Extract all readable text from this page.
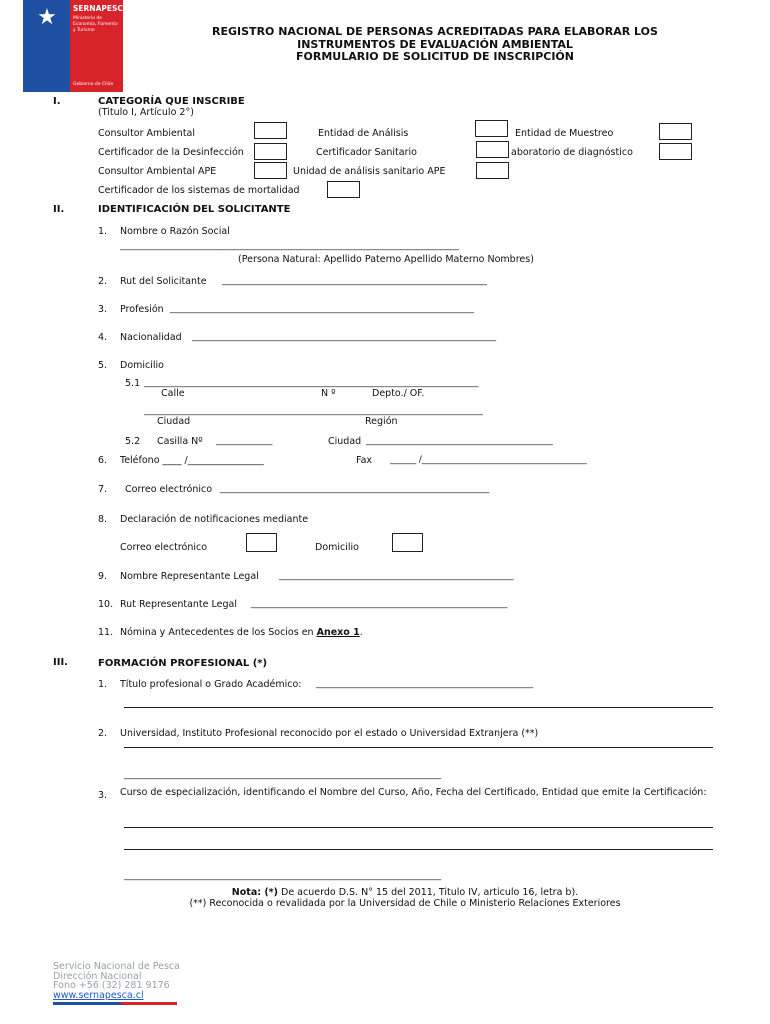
★	SERNAPESCA
Ministerio de Economía, Fomento y Turismo
Gobierno de Chile
REGISTRO NACIONAL DE PERSONAS ACREDITADAS PARA ELABORAR LOS
INSTRUMENTOS DE EVALUACIÓN AMBIENTAL
FORMULARIO DE SOLICITUD DE INSCRIPCIÓN
I.	CATEGORÍA QUE INSCRIBE
(Titulo I, Artículo 2°)
Consultor Ambiental	Entidad de Análisis	Entidad de Muestreo
Certificador de la Desinfección	Certificador Sanitario	aboratorio de diagnóstico
Consultor Ambiental APE	Unidad de análisis sanitario APE
Certificador de los sistemas de mortalidad
II.	IDENTIFICACIÓN DEL SOLICITANTE
1. Nombre o Razón Social
______________________________________________________________________________
(Persona Natural: Apellido Paterno Apellido Materno Nombres)
2. Rut del Solicitante _____________________________________________________________
3. Profesión ______________________________________________________________________
4. Nacionalidad ______________________________________________________________________
5. Domicilio
5.1 _____________________________________________________________________________
Calle	N º	Depto./ OF.
______________________________________________________________________________
Ciudad	Región
5.2 Casilla Nº _____________	Ciudad ___________________________________________
6. Teléfono ____ /________________	Fax ______ /______________________________________
7. Correo electrónico ______________________________________________________________
8. Declaración de notificaciones mediante
Correo electrónico	Domicilio
9. Nombre Representante Legal ______________________________________________________
10. Rut Representante Legal ___________________________________________________________
11. Nómina y Antecedentes de los Socios en Anexo 1.
III.	FORMACIÓN PROFESIONAL (*)
1. Título profesional o Grado Académico: __________________________________________________
2. Universidad, Instituto Profesional reconocido por el estado o Universidad Extranjera (**)
_________________________________________________________________________
3. Curso de especialización, identificando el Nombre del Curso, Año, Fecha del Certificado, Entidad que emite la Certificación:
_________________________________________________________________________
Nota: (*) De acuerdo D.S. N° 15 del 2011, Titulo IV, articulo 16, letra b).
(**) Reconocida o revalidada por la Universidad de Chile o Ministerio Relaciones Exteriores
Servicio Nacional de Pesca
Dirección Nacional
Fono +56 (32) 281 9176
www.sernapesca.cl
